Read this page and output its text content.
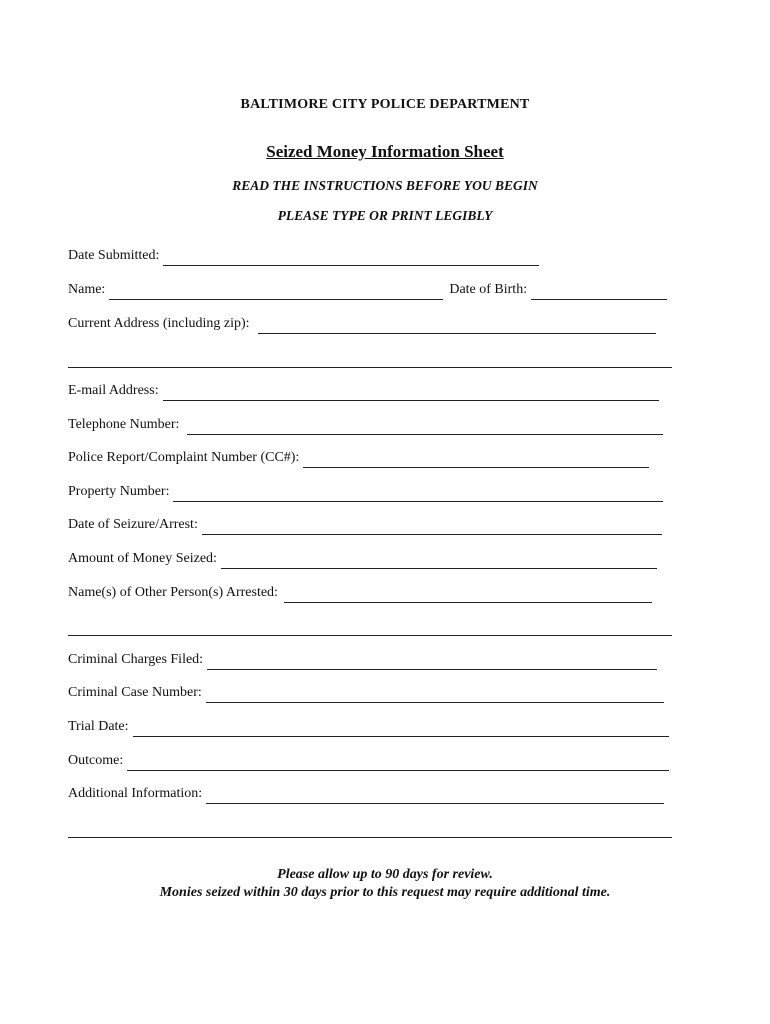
BALTIMORE CITY POLICE DEPARTMENT
Seized Money Information Sheet
READ THE INSTRUCTIONS BEFORE YOU BEGIN
PLEASE TYPE OR PRINT LEGIBLY
Date Submitted:
Name:	Date of Birth:
Current Address (including zip):
E-mail Address:
Telephone Number:
Police Report/Complaint Number (CC#):
Property Number:
Date of Seizure/Arrest:
Amount of Money Seized:
Name(s) of Other Person(s) Arrested:
Criminal Charges Filed:
Criminal Case Number:
Trial Date:
Outcome:
Additional Information:
Please allow up to 90 days for review.
Monies seized within 30 days prior to this request may require additional time.
